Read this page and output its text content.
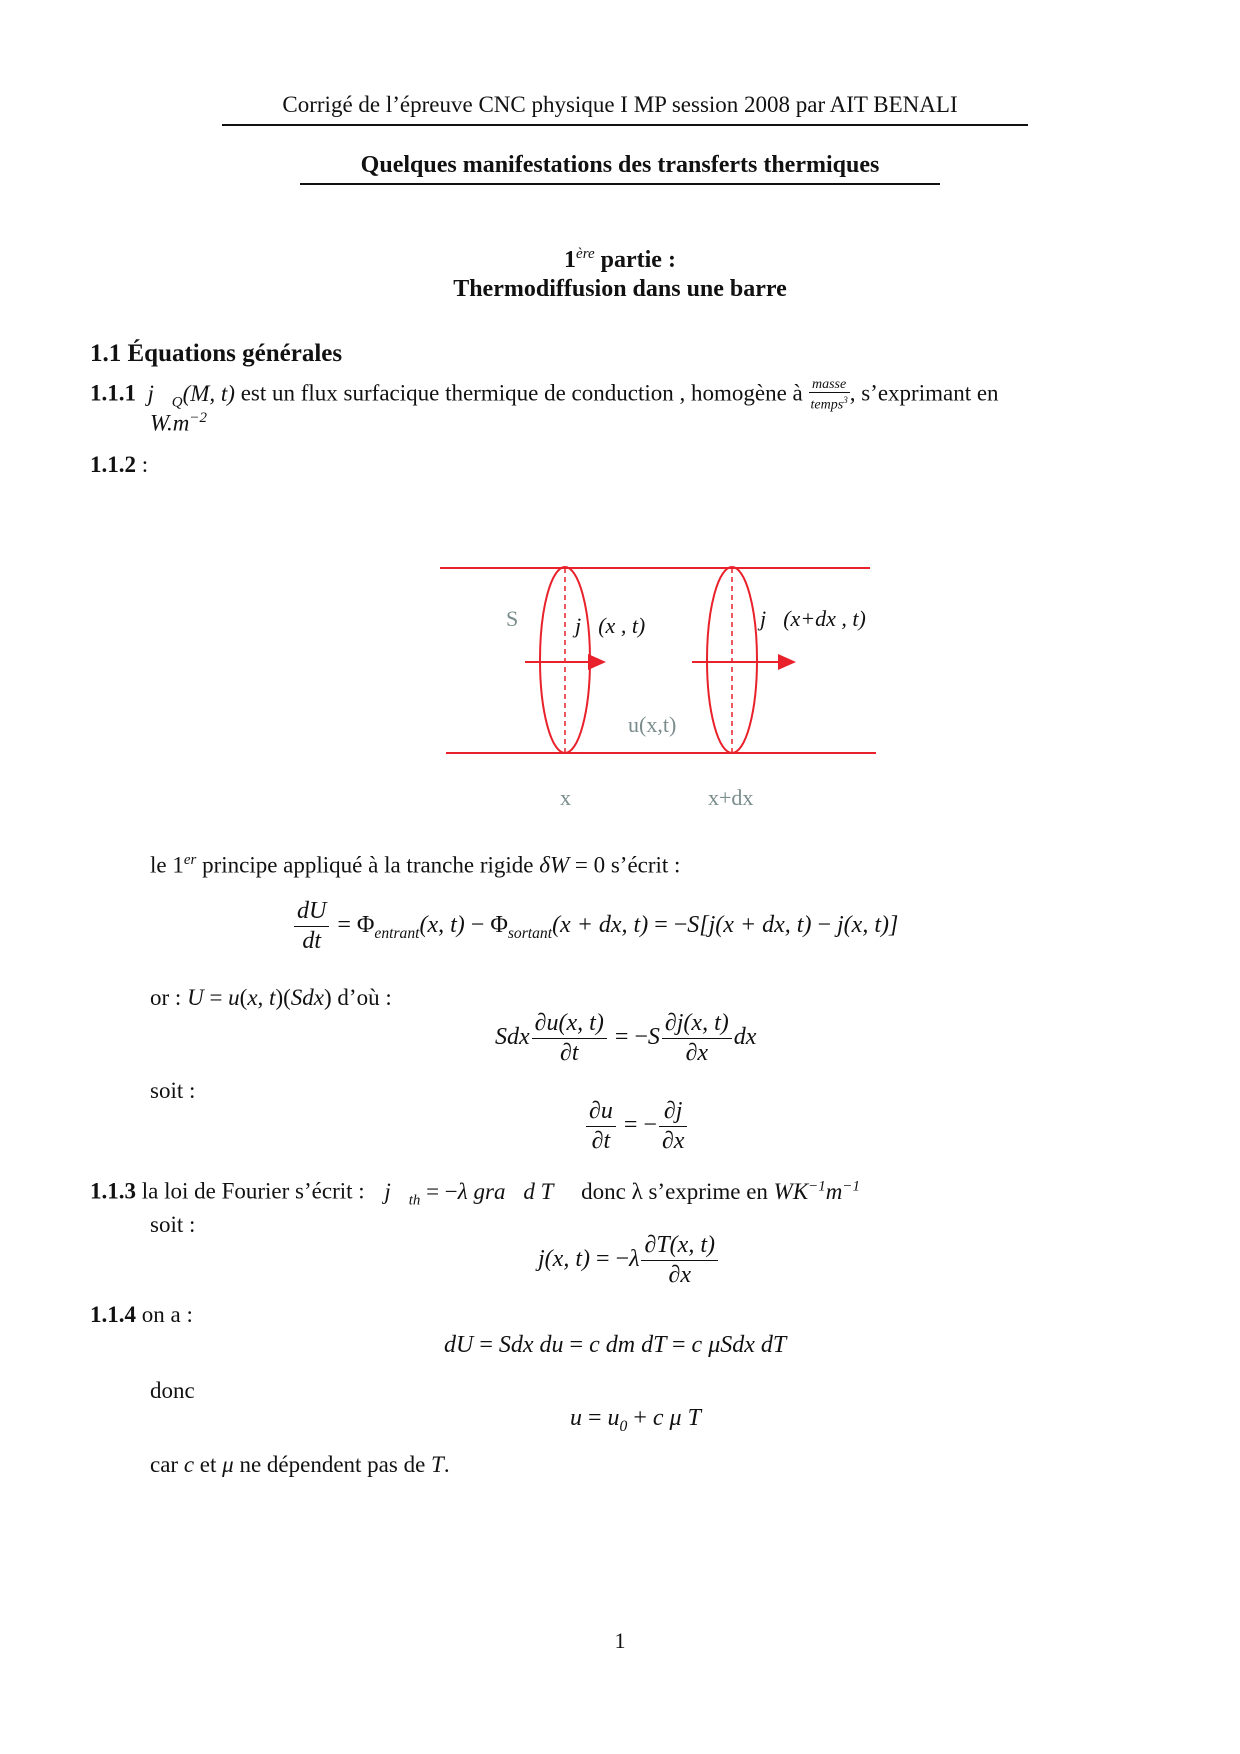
Corrigé de l’épreuve CNC physique I MP session 2008 par AIT BENALI
Quelques manifestations des transferts thermiques
1ère partie :
Thermodiffusion dans une barre
1.1 Équations générales
1.1.1  $j⃗_Q(M$, t) est un flux surfacique thermique de conduction , homogène à masse
temps$^3$ , s’exprimant en
$W.m^{-2}$
1.1.2 :
S	j⃗(x , t)	j⃗(x+dx , t)
u(x,t)
x	x+dx
le 1er principe appliqué à la tranche rigide δW = 0 s’écrit :
$\frac{dU}{dt} = \Phi_{entrant}(x$, $t) - \Phi_{sortant}(x$ + dx, t) = −S[j(x + dx, t) − j(x, t)]
or : U = u(x, t)(Sdx) d’où :
Sdx $\frac{\partial u(x, t)}{\partial t} = -S \frac{\partial j(x, t)}{\partial x}$ dx
soit :
$\frac{\partial u}{\partial t}$ = − $\frac{\partial j}{\partial x}$
1.1.3 la loi de Fourier s’écrit : $j⃗_{th} = -\lambda$ gra⃗d T donc λ s’exprime en $WK^{-1}m^{-1}$
soit :
j(x, $t) = -\lambda \frac{\partial T(x, t)}{\partial x}$
1.1.4 on a :
dU = Sdx du = c dm dT = c μSdx dT
donc
$u = u_0 + c$ μ T
car c et μ ne dépendent pas de T.
1
